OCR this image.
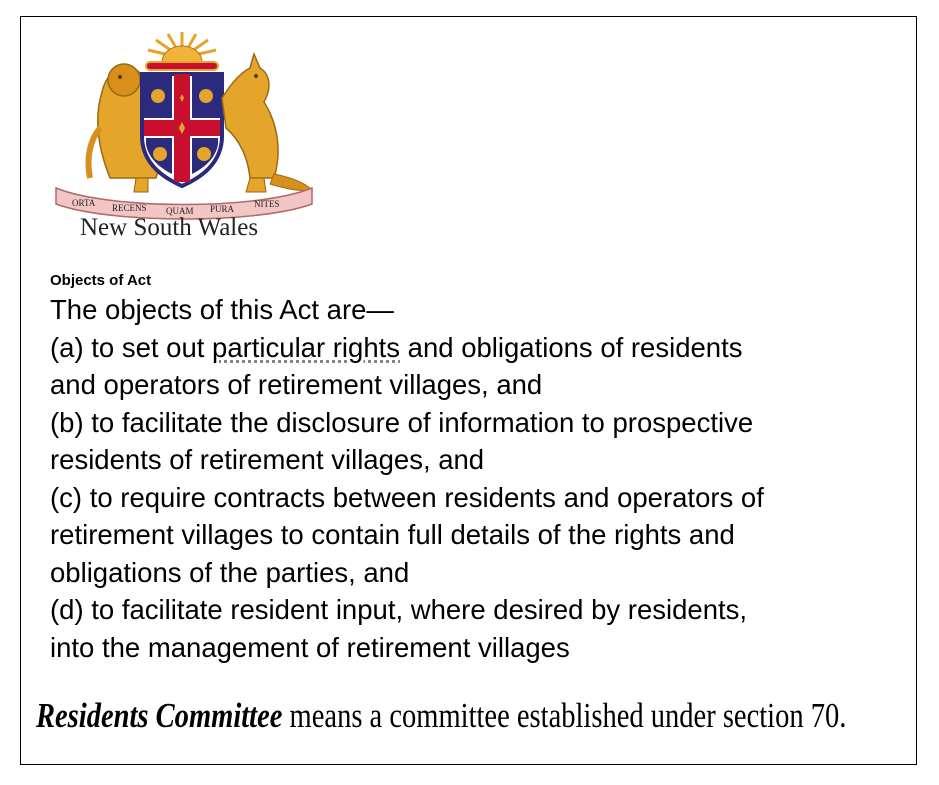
ORTA RECENS QUAM PURA NITES
New South Wales
Objects of Act
The objects of this Act are—
(a) to set out particular rights and obligations of residents
and operators of retirement villages, and
(b) to facilitate the disclosure of information to prospective
residents of retirement villages, and
(c) to require contracts between residents and operators of
retirement villages to contain full details of the rights and
obligations of the parties, and
(d) to facilitate resident input, where desired by residents,
into the management of retirement villages
Residents Committee means a committee established under section 70.
